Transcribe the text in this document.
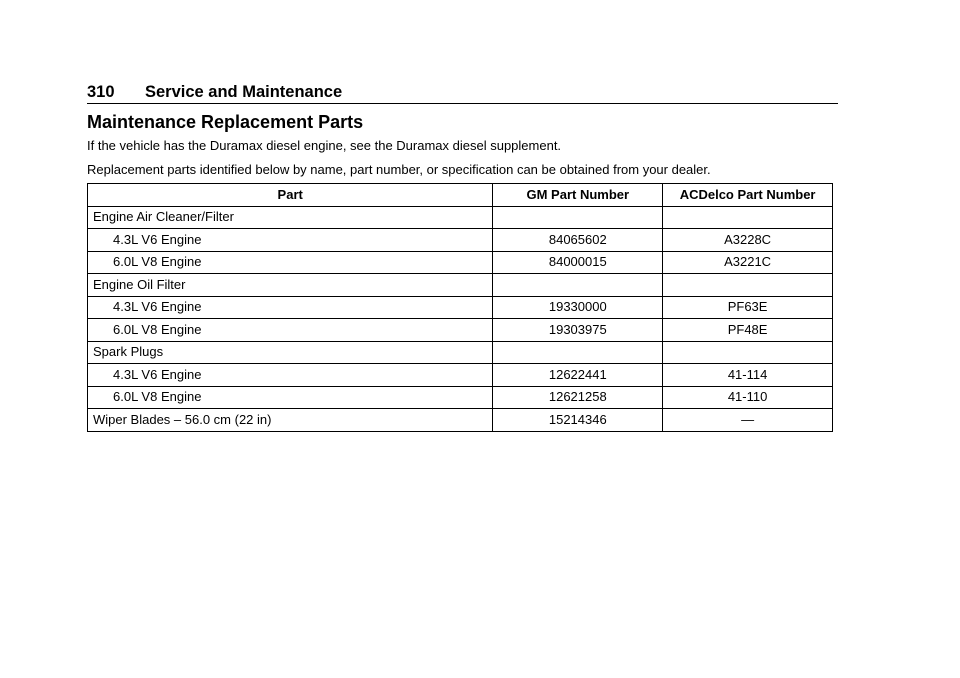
310 Service and Maintenance
Maintenance Replacement Parts

If the vehicle has the Duramax diesel engine, see the Duramax diesel supplement.

Replacement parts identified below by name, part number, or specification can be obtained from your dealer.

Part	GM Part Number	ACDelco Part Number
Engine Air Cleaner/Filter		
4.3L V6 Engine	84065602	A3228C
6.0L V8 Engine	84000015	A3221C
Engine Oil Filter		
4.3L V6 Engine	19330000	PF63E
6.0L V8 Engine	19303975	PF48E
Spark Plugs		
4.3L V6 Engine	12622441	41-114
6.0L V8 Engine	12621258	41-110
Wiper Blades – 56.0 cm (22 in)	15214346	—
